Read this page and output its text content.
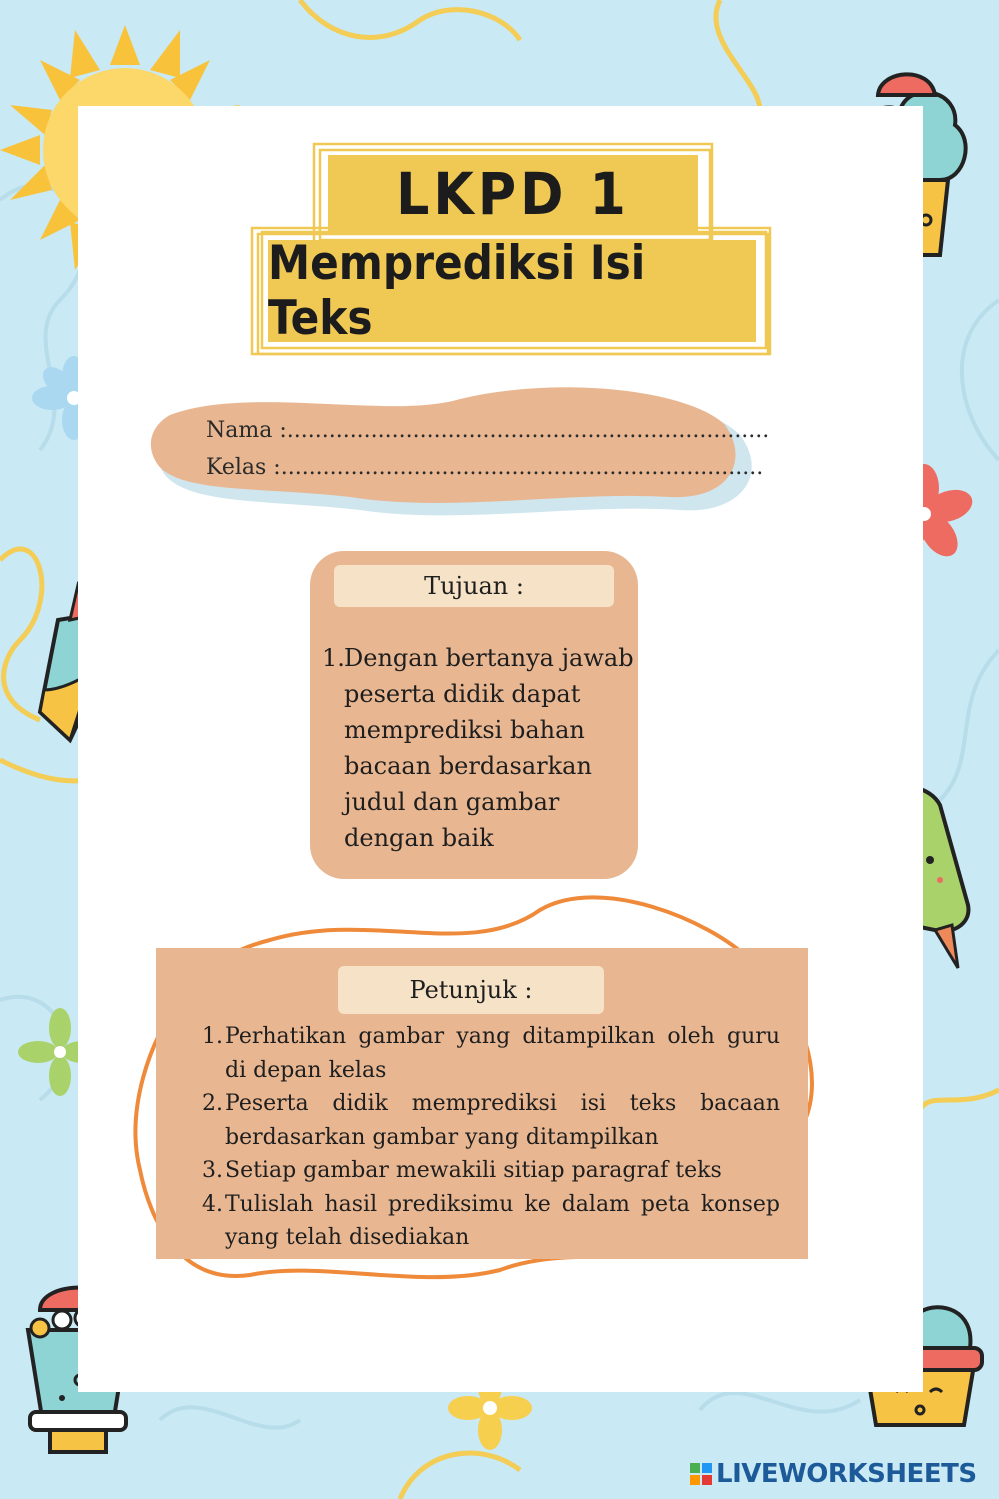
LKPD 1
Memprediksi Isi Teks
Nama :.....................................................................
Kelas :.....................................................................
Tujuan :
1. Dengan bertanya jawab peserta didik dapat memprediksi bahan bacaan berdasarkan judul dan gambar dengan baik
Petunjuk :
1. Perhatikan gambar yang ditampilkan oleh guru di depan kelas
2. Peserta didik memprediksi isi teks bacaan berdasarkan gambar yang ditampilkan
3. Setiap gambar mewakili sitiap paragraf teks
4. Tulislah hasil prediksimu ke dalam peta konsep yang telah disediakan
LIVEWORKSHEETS
